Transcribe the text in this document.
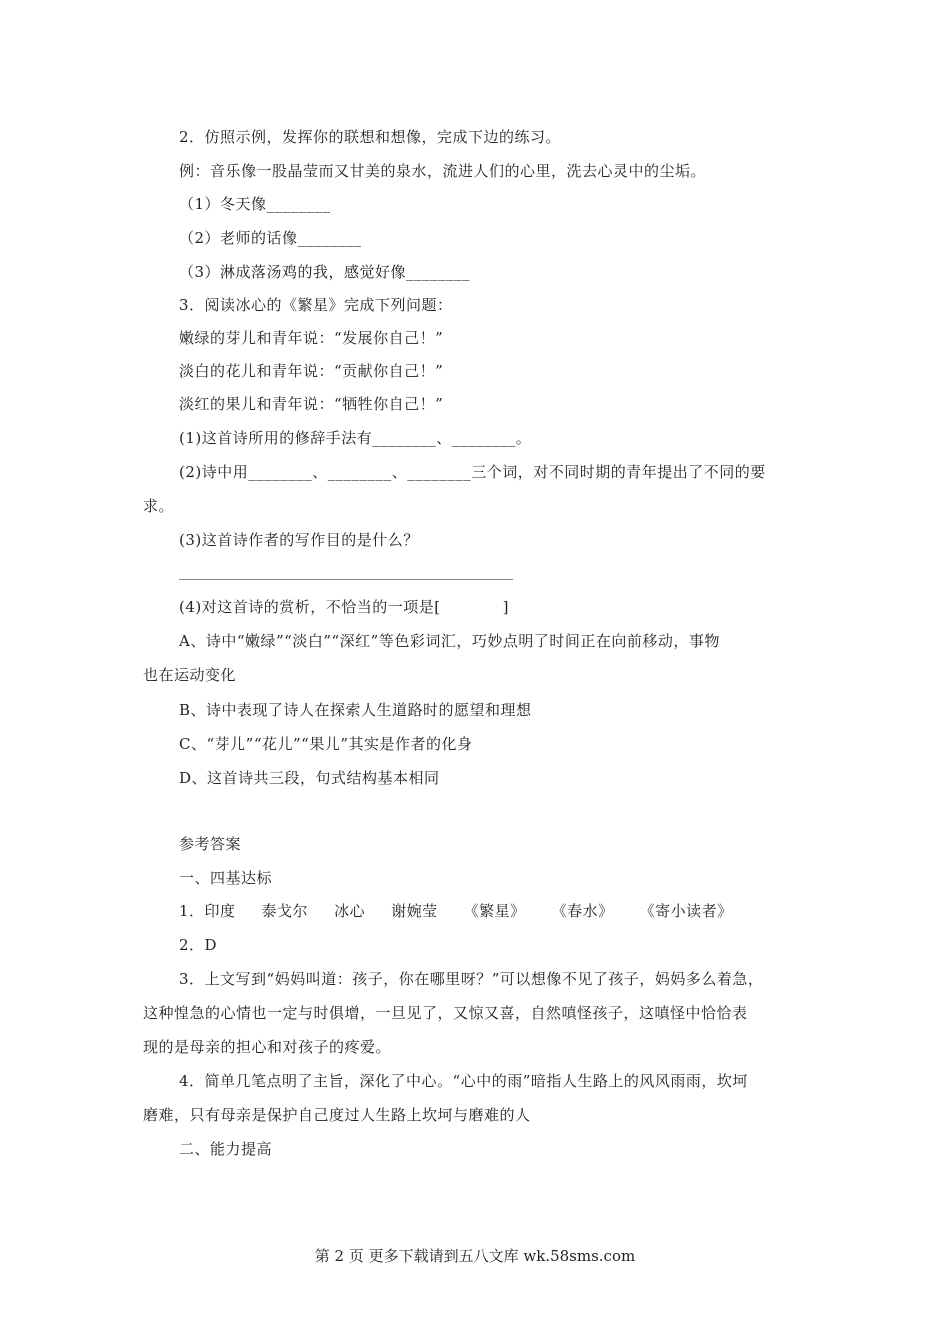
2．仿照示例，发挥你的联想和想像，完成下边的练习。
例：音乐像一股晶莹而又甘美的泉水，流进人们的心里，洗去心灵中的尘垢。
（1）冬天像________
（2）老师的话像________
（3）淋成落汤鸡的我，感觉好像________
3．阅读冰心的《繁星》完成下列问题：
嫩绿的芽儿和青年说：“发展你自己！”
淡白的花儿和青年说：“贡献你自己！”
淡红的果儿和青年说：“牺牲你自己！”
(1)这首诗所用的修辞手法有________、________。
(2)诗中用________、________、________三个词，对不同时期的青年提出了不同的要
求。
(3)这首诗作者的写作目的是什么？
(4)对这首诗的赏析，不恰当的一项是[　　　　]
A、诗中“嫩绿”“淡白”“深红”等色彩词汇，巧妙点明了时间正在向前移动，事物
也在运动变化
B、诗中表现了诗人在探索人生道路时的愿望和理想
C、“芽儿”“花儿”“果儿”其实是作者的化身
D、这首诗共三段，句式结构基本相同
参考答案
一、四基达标
1．印度 泰戈尔 冰心 谢婉莹 《繁星》 《春水》 《寄小读者》
2．D
3．上文写到“妈妈叫道：孩子，你在哪里呀？”可以想像不见了孩子，妈妈多么着急，
这种惶急的心情也一定与时俱增，一旦见了，又惊又喜，自然嗔怪孩子，这嗔怪中恰恰表
现的是母亲的担心和对孩子的疼爱。
4．简单几笔点明了主旨，深化了中心。“心中的雨”暗指人生路上的风风雨雨，坎坷
磨难，只有母亲是保护自己度过人生路上坎坷与磨难的人
二、能力提高
第 2 页 更多下载请到五八文库 wk.58sms.com
